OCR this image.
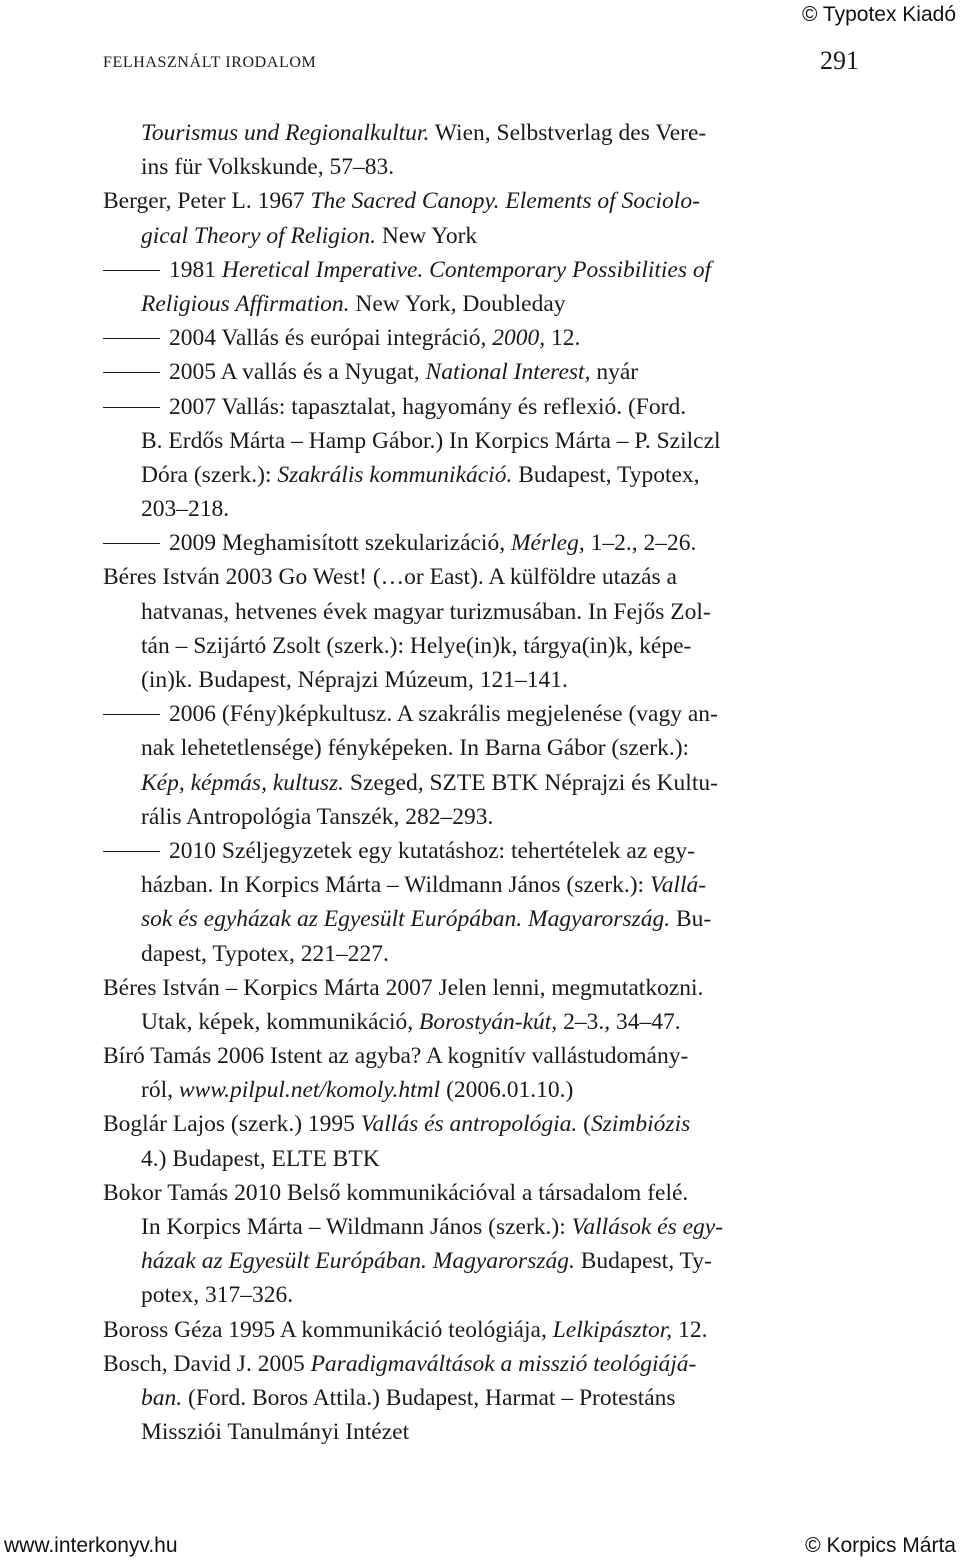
© Typotex Kiadó
FELHASZNÁLT IRODALOM	291
Tourismus und Regionalkultur. Wien, Selbstverlag des Vere-
ins für Volkskunde, 57–83.
Berger, Peter L. 1967 The Sacred Canopy. Elements of Sociolo-
gical Theory of Religion. New York
1981 Heretical Imperative. Contemporary Possibilities of
Religious Affirmation. New York, Doubleday
2004 Vallás és európai integráció, 2000, 12.
2005 A vallás és a Nyugat, National Interest, nyár
2007 Vallás: tapasztalat, hagyomány és reflexió. (Ford.
B. Erdős Márta – Hamp Gábor.) In Korpics Márta – P. Szilczl
Dóra (szerk.): Szakrális kommunikáció. Budapest, Typotex,
203–218.
2009 Meghamisított szekularizáció, Mérleg, 1–2., 2–26.
Béres István 2003 Go West! (…or East). A külföldre utazás a
hatvanas, hetvenes évek magyar turizmusában. In Fejős Zol-
tán – Szijártó Zsolt (szerk.): Helye(in)k, tárgya(in)k, képe-
(in)k. Budapest, Néprajzi Múzeum, 121–141.
2006 (Fény)képkultusz. A szakrális megjelenése (vagy an-
nak lehetetlensége) fényképeken. In Barna Gábor (szerk.):
Kép, képmás, kultusz. Szeged, SZTE BTK Néprajzi és Kultu-
rális Antropológia Tanszék, 282–293.
2010 Széljegyzetek egy kutatáshoz: tehertételek az egy-
házban. In Korpics Márta – Wildmann János (szerk.): Vallá-
sok és egyházak az Egyesült Európában. Magyarország. Bu-
dapest, Typotex, 221–227.
Béres István – Korpics Márta 2007 Jelen lenni, megmutatkozni.
Utak, képek, kommunikáció, Borostyán-kút, 2–3., 34–47.
Bíró Tamás 2006 Istent az agyba? A kognitív vallástudomány-
ról, www.pilpul.net/komoly.html (2006.01.10.)
Boglár Lajos (szerk.) 1995 Vallás és antropológia. (Szimbiózis
4.) Budapest, ELTE BTK
Bokor Tamás 2010 Belső kommunikációval a társadalom felé.
In Korpics Márta – Wildmann János (szerk.): Vallások és egy-
házak az Egyesült Európában. Magyarország. Budapest, Ty-
potex, 317–326.
Boross Géza 1995 A kommunikáció teológiája, Lelkipásztor, 12.
Bosch, David J. 2005 Paradigmaváltások a misszió teológiájá-
ban. (Ford. Boros Attila.) Budapest, Harmat – Protestáns
Missziói Tanulmányi Intézet
www.interkonyv.hu	© Korpics Márta
